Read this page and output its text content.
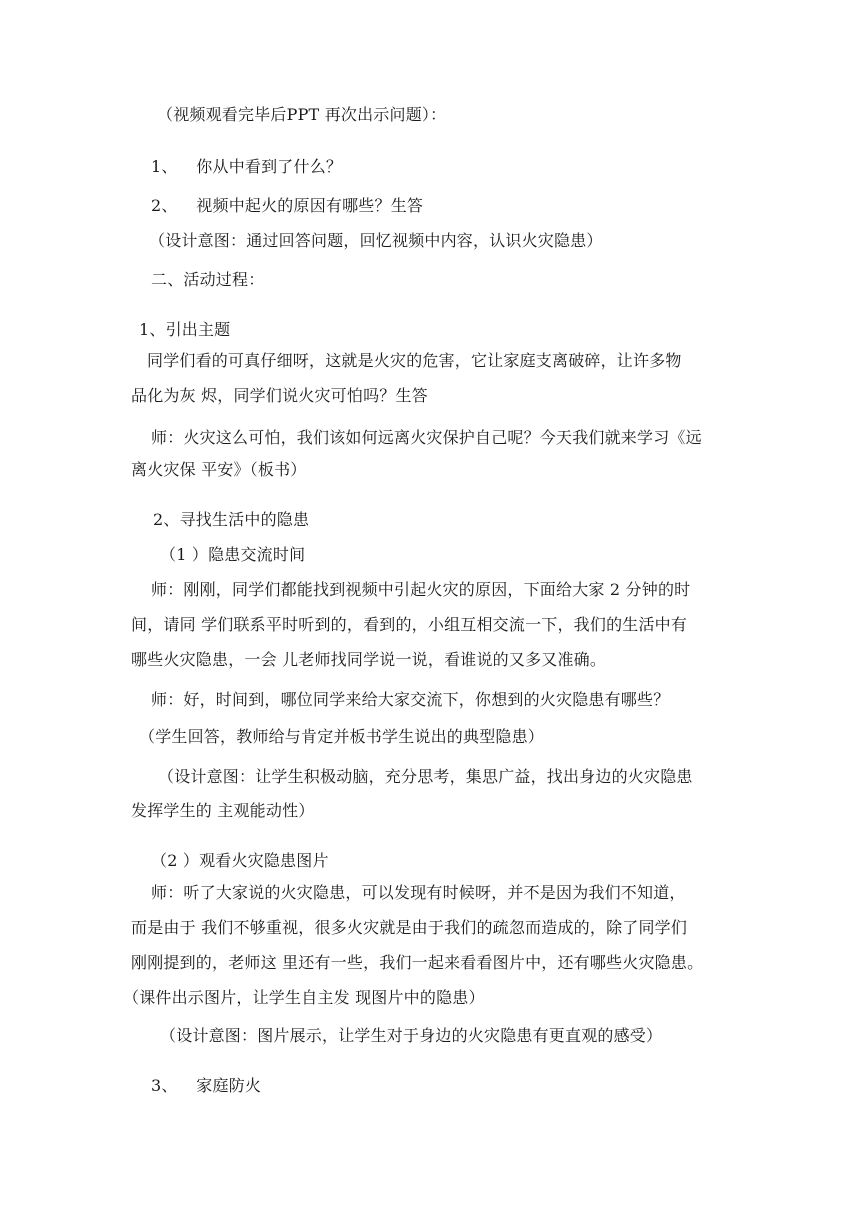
（视频观看完毕后PPT 再次出示问题）：
1、 你从中看到了什么？
2、 视频中起火的原因有哪些？生答
（设计意图：通过回答问题，回忆视频中内容，认识火灾隐患）
二、活动过程：
1、引出主题
同学们看的可真仔细呀，这就是火灾的危害，它让家庭支离破碎，让许多物
品化为灰 烬，同学们说火灾可怕吗？生答
师：火灾这么可怕，我们该如何远离火灾保护自己呢？今天我们就来学习《远
离火灾保 平安》（板书）
2、寻找生活中的隐患
（1 ）隐患交流时间
师：刚刚，同学们都能找到视频中引起火灾的原因，下面给大家 2 分钟的时
间，请同 学们联系平时听到的，看到的，小组互相交流一下，我们的生活中有
哪些火灾隐患，一会 儿老师找同学说一说，看谁说的又多又准确。
师：好，时间到，哪位同学来给大家交流下，你想到的火灾隐患有哪些？
（学生回答，教师给与肯定并板书学生说出的典型隐患）
（设计意图：让学生积极动脑，充分思考，集思广益，找出身边的火灾隐患
发挥学生的 主观能动性）
（2 ）观看火灾隐患图片
师：听了大家说的火灾隐患，可以发现有时候呀，并不是因为我们不知道，
而是由于 我们不够重视，很多火灾就是由于我们的疏忽而造成的，除了同学们
刚刚提到的，老师这 里还有一些，我们一起来看看图片中，还有哪些火灾隐患。
（课件出示图片，让学生自主发 现图片中的隐患）
（设计意图：图片展示，让学生对于身边的火灾隐患有更直观的感受）
3、 家庭防火
